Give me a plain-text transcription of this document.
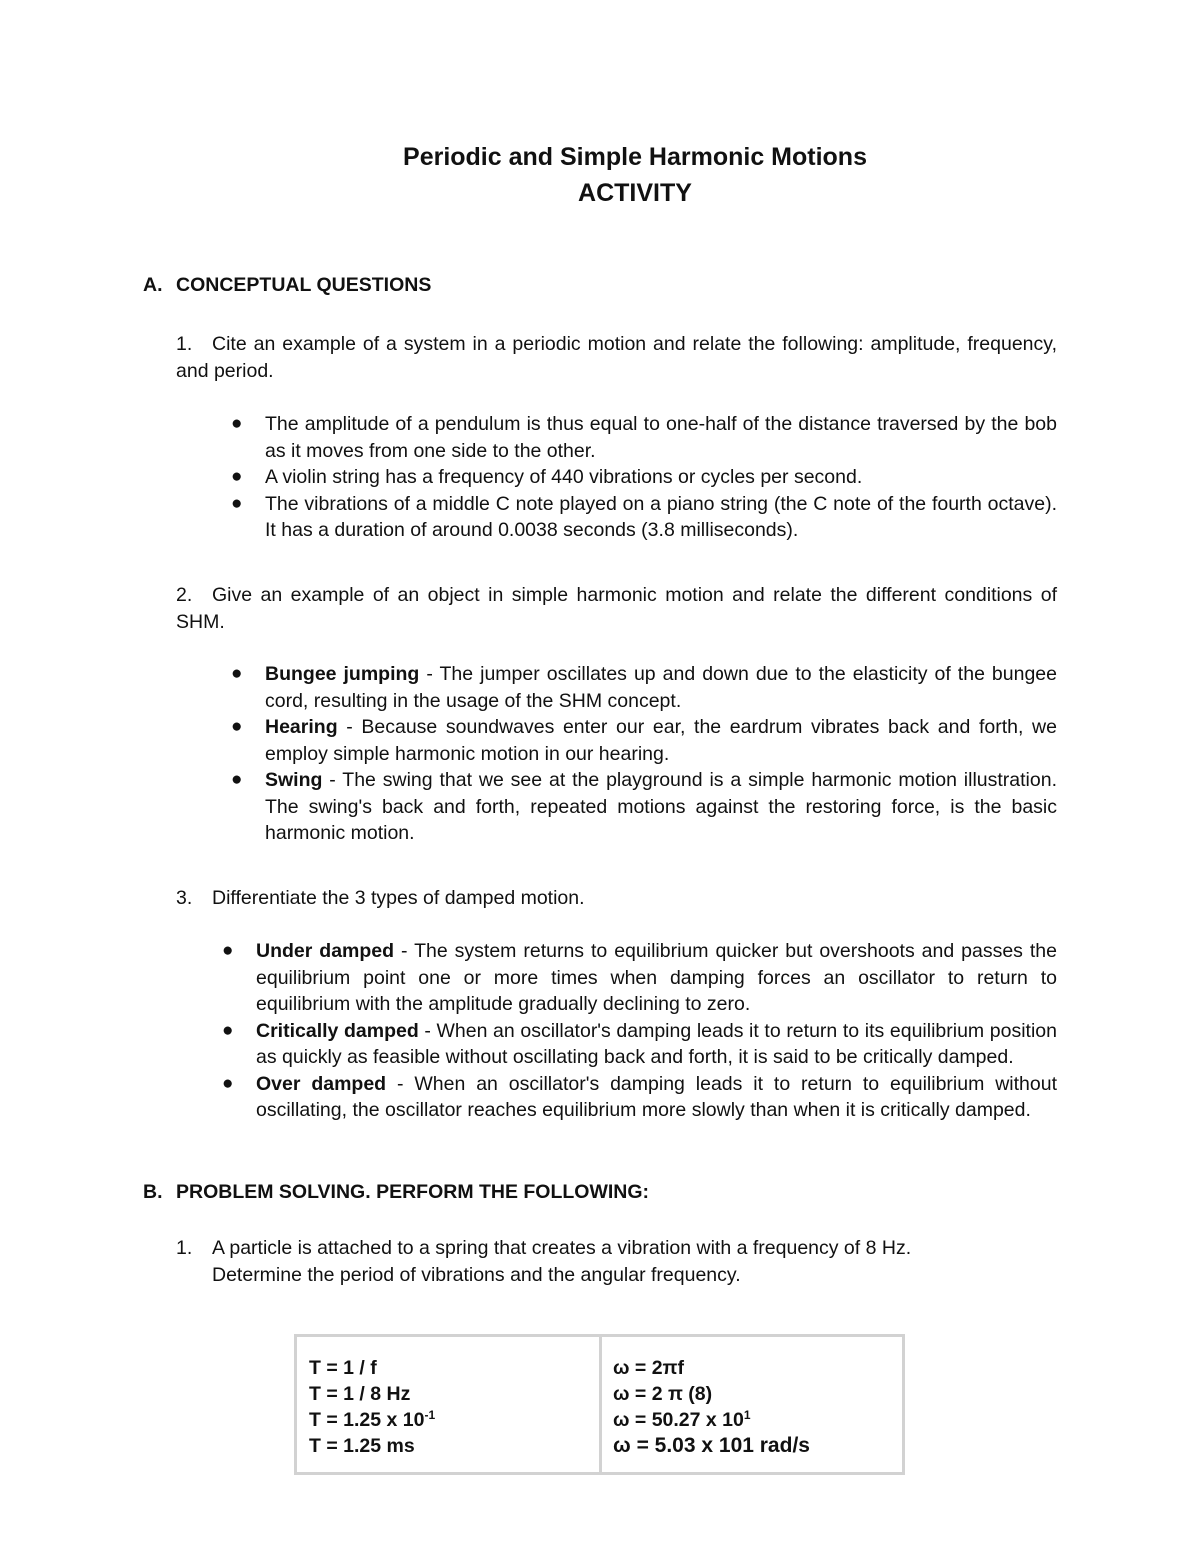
Periodic and Simple Harmonic Motions
ACTIVITY
A. CONCEPTUAL QUESTIONS
1. Cite an example of a system in a periodic motion and relate the following: amplitude, frequency, and period.
● The amplitude of a pendulum is thus equal to one-half of the distance traversed by the bob as it moves from one side to the other.
● A violin string has a frequency of 440 vibrations or cycles per second.
● The vibrations of a middle C note played on a piano string (the C note of the fourth octave). It has a duration of around 0.0038 seconds (3.8 milliseconds).
2. Give an example of an object in simple harmonic motion and relate the different conditions of SHM.
● Bungee jumping - The jumper oscillates up and down due to the elasticity of the bungee cord, resulting in the usage of the SHM concept.
● Hearing - Because soundwaves enter our ear, the eardrum vibrates back and forth, we employ simple harmonic motion in our hearing.
● Swing - The swing that we see at the playground is a simple harmonic motion illustration. The swing's back and forth, repeated motions against the restoring force, is the basic harmonic motion.
3. Differentiate the 3 types of damped motion.
● Under damped - The system returns to equilibrium quicker but overshoots and passes the equilibrium point one or more times when damping forces an oscillator to return to equilibrium with the amplitude gradually declining to zero.
● Critically damped - When an oscillator's damping leads it to return to its equilibrium position as quickly as feasible without oscillating back and forth, it is said to be critically damped.
● Over damped - When an oscillator's damping leads it to return to equilibrium without oscillating, the oscillator reaches equilibrium more slowly than when it is critically damped.
B. PROBLEM SOLVING. PERFORM THE FOLLOWING:
1. A particle is attached to a spring that creates a vibration with a frequency of 8 Hz.
Determine the period of vibrations and the angular frequency.
T = 1 / f
T = 1 / 8 Hz
T = 1.25 x $10^{-1}$
T = 1.25 ms
ω = 2πf
ω = 2 π (8)
ω = 50.27 x $10^1$
ω = 5.03 x 101 rad/s
